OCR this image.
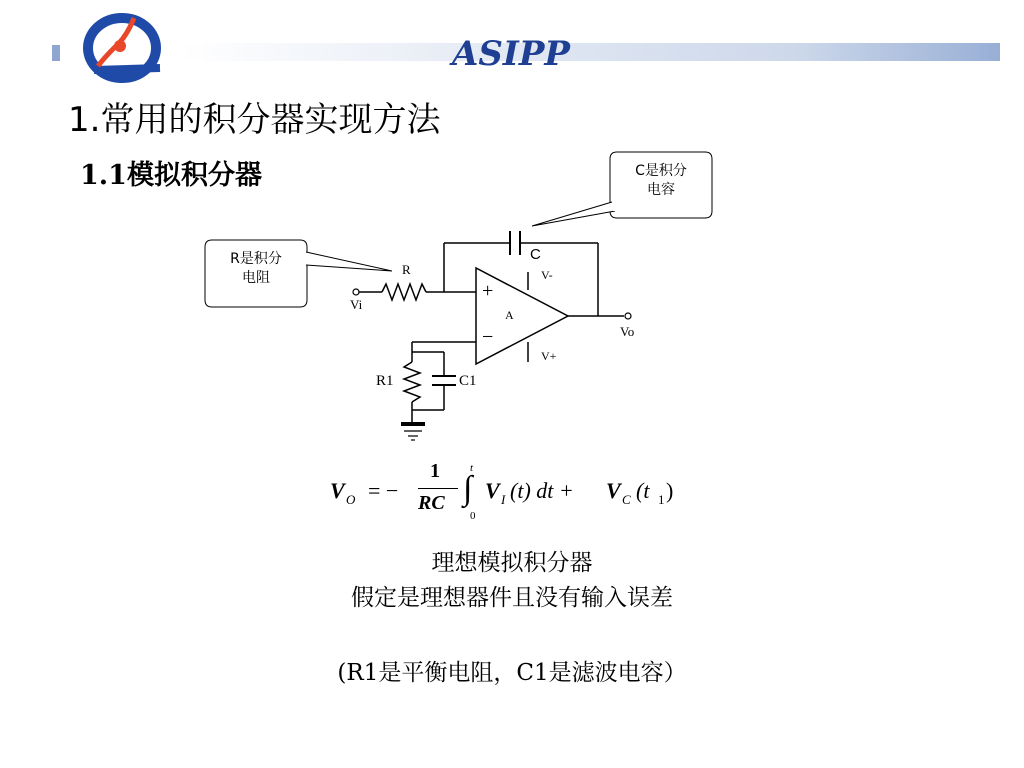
ASIPP
1.常用的积分器实现方法
1.1模拟积分器	C是积分
电容
R是积分
电阻
R
C
Vi
Vo
A
V-
V+
+
−
R1	C1
V O = −
1
RC
t
∫
0
V I (t) dt + V C (t 1 )
理想模拟积分器
假定是理想器件且没有输入误差
(R1是平衡电阻，C1是滤波电容）
